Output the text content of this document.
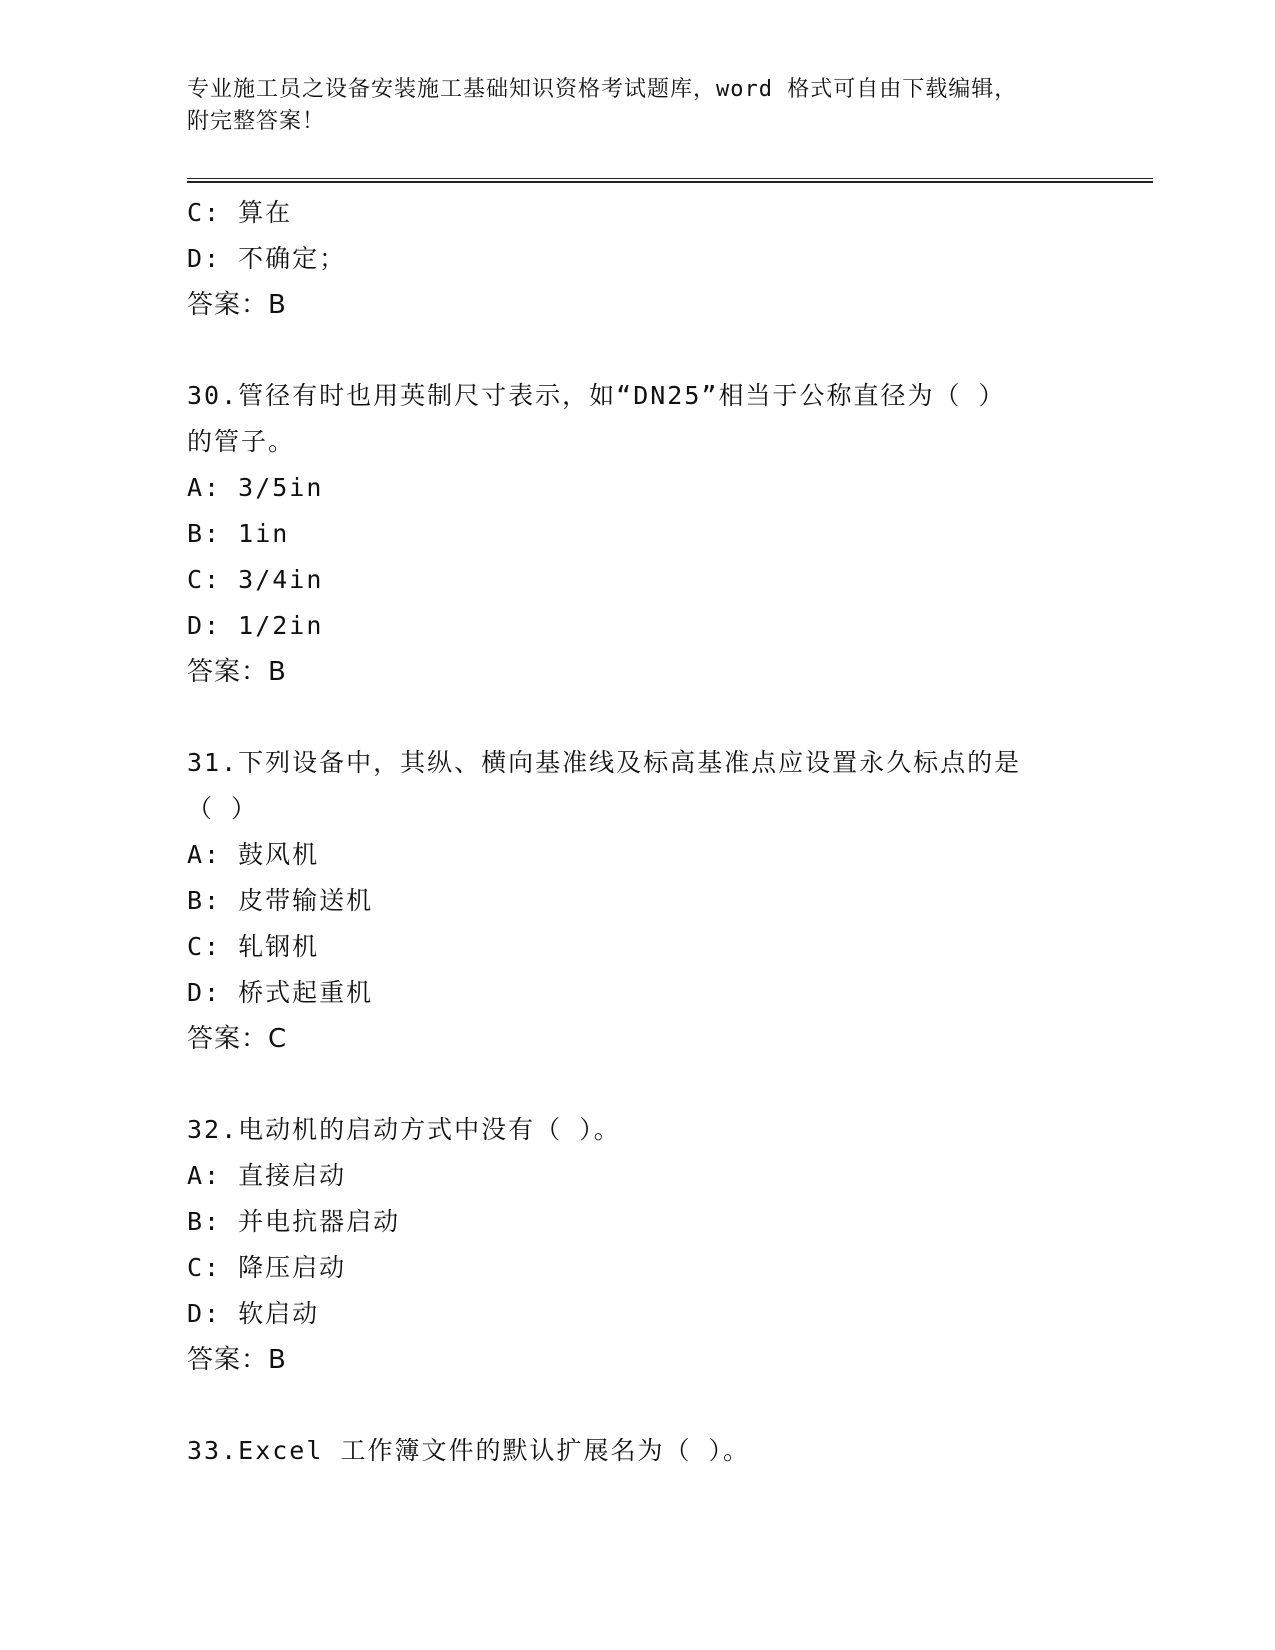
专业施工员之设备安装施工基础知识资格考试题库，word 格式可自由下载编辑，
附完整答案！
C: 算在
D: 不确定；
答案：B
30.管径有时也用英制尺寸表示，如“DN25”相当于公称直径为（ ）
的管子。
A: 3/5in
B: 1in
C: 3/4in
D: 1/2in
答案：B
31.下列设备中，其纵、横向基准线及标高基准点应设置永久标点的是
（ ）
A: 鼓风机
B: 皮带输送机
C: 轧钢机
D: 桥式起重机
答案：C
32.电动机的启动方式中没有（ ）。
A: 直接启动
B: 并电抗器启动
C: 降压启动
D: 软启动
答案：B
33.Excel 工作簿文件的默认扩展名为（ ）。
